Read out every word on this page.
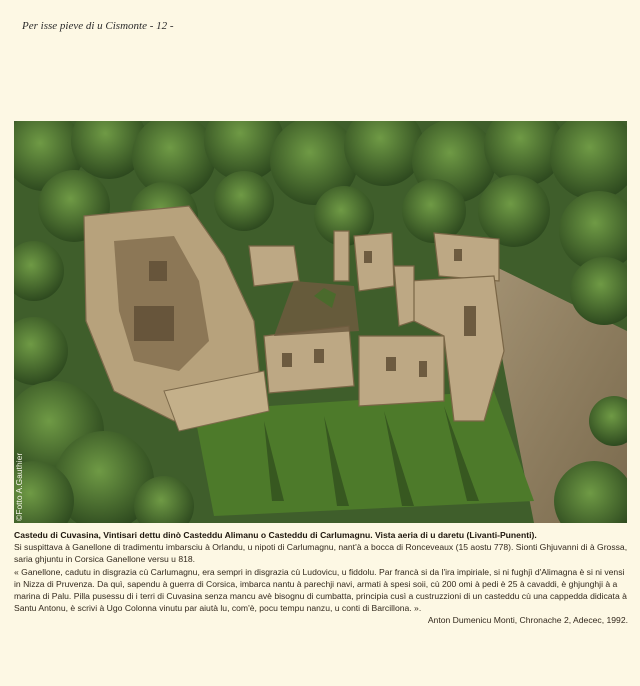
Per isse pieve di u Cismonte - 12 -
©Fotto A.Gauthier

Castedu di Cuvasina, Vintisari dettu dinò Casteddu Alimanu o Casteddu di Carlumagnu. Vista aeria di u daretu (Livanti-Punenti).

Si suspittava à Ganellone di tradimentu imbarsciu à Orlandu, u nipoti di Carlumagnu, nant'à a bocca di Ronceveaux (15 aostu 778). Sionti Ghjuvanni di à Grossa, saria ghjuntu in Corsica Ganellone versu u 818.

« Ganellone, cadutu in disgrazia cù Carlumagnu, era sempri in disgrazia cù Ludovicu, u fiddolu. Par francà si da l'ira impiriale, si ni fughjì d'Alimagna è si ni vensi in Nizza di Pruvenza. Da quì, sapendu à guerra di Corsica, imbarca nantu à parechji navi, armati à spesi soii, cù 200 omi à pedi è 25 à cavaddi, è ghjunghji à a marina di Palu. Pilla pusessu di i terri di Cuvasina senza mancu avè bisognu di cumbatta, principia cusì a custruzzioni di un casteddu cù una cappedda didicata à Santu Antonu, è scrivi à Ugo Colonna vinutu par aiutà lu, com'è, pocu tempu nanzu, u conti di Barcillona. ».

Anton Dumenicu Monti, Chronache 2, Adecec, 1992.
